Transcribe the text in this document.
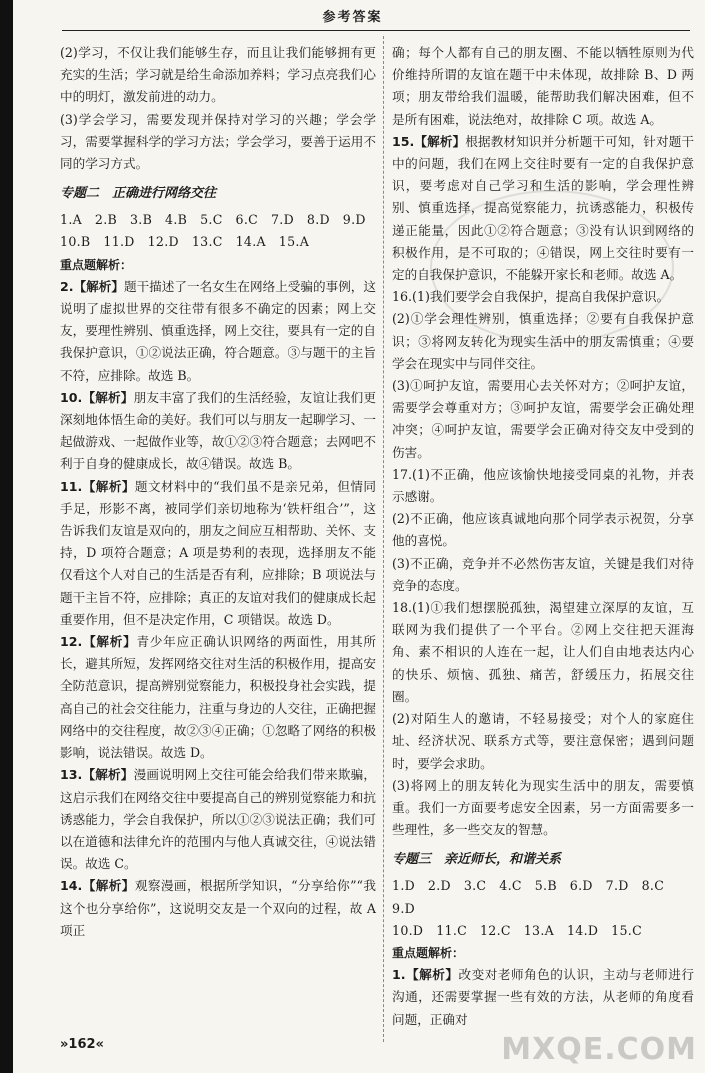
参考答案

(2)学习，不仅让我们能够生存，而且让我们能够拥有更充实的生活；学习就是给生命添加养料；学习点亮我们心中的明灯，激发前进的动力。

(3)学会学习，需要发现并保持对学习的兴趣；学会学习，需要掌握科学的学习方法；学会学习，要善于运用不同的学习方式。

专题二　正确进行网络交往

1.A　2.B　3.B　4.B　5.C　6.C　7.D　8.D　9.D

10.B　11.D　12.D　13.C　14.A　15.A

重点题解析：

2.【解析】题干描述了一名女生在网络上受骗的事例，这说明了虚拟世界的交往带有很多不确定的因素；网上交友，要理性辨别、慎重选择，网上交往，要具有一定的自我保护意识，①②说法正确，符合题意。③与题干的主旨不符，应排除。故选 B。

10.【解析】朋友丰富了我们的生活经验，友谊让我们更深刻地体悟生命的美好。我们可以与朋友一起聊学习、一起做游戏、一起做作业等，故①②③符合题意；去网吧不利于自身的健康成长，故④错误。故选 B。

11.【解析】题文材料中的“我们虽不是亲兄弟，但情同手足，形影不离，被同学们亲切地称为‘铁杆组合’”，这告诉我们友谊是双向的，朋友之间应互相帮助、关怀、支持，D 项符合题意；A 项是势利的表现，选择朋友不能仅看这个人对自己的生活是否有利，应排除；B 项说法与题干主旨不符，应排除；真正的友谊对我们的健康成长起重要作用，但不是决定作用，C 项错误。故选 D。

12.【解析】青少年应正确认识网络的两面性，用其所长，避其所短，发挥网络交往对生活的积极作用，提高安全防范意识，提高辨别觉察能力，积极投身社会实践，提高自己的社会交往能力，注重与身边的人交往，正确把握网络中的交往程度，故②③④正确；①忽略了网络的积极影响，说法错误。故选 D。

13.【解析】漫画说明网上交往可能会给我们带来欺骗，这启示我们在网络交往中要提高自己的辨别觉察能力和抗诱惑能力，学会自我保护，所以①②③说法正确；我们可以在道德和法律允许的范围内与他人真诚交往，④说法错误。故选 C。

14.【解析】观察漫画，根据所学知识，“分享给你”“我这个也分享给你”，这说明交友是一个双向的过程，故 A 项正

确；每个人都有自己的朋友圈、不能以牺牲原则为代价维持所谓的友谊在题干中未体现，故排除 B、D 两项；朋友带给我们温暖，能帮助我们解决困难，但不是所有困难，说法绝对，故排除 C 项。故选 A。

15.【解析】根据教材知识并分析题干可知，针对题干中的问题，我们在网上交往时要有一定的自我保护意识，要考虑对自己学习和生活的影响，学会理性辨别、慎重选择，提高觉察能力，抗诱惑能力，积极传递正能量，因此①②符合题意；③没有认识到网络的积极作用，是不可取的；④错误，网上交往时要有一定的自我保护意识，不能躲开家长和老师。故选 A。

16.(1)我们要学会自我保护，提高自我保护意识。

(2)①学会理性辨别，慎重选择；②要有自我保护意识；③将网友转化为现实生活中的朋友需慎重；④要学会在现实中与同伴交往。

(3)①呵护友谊，需要用心去关怀对方；②呵护友谊，需要学会尊重对方；③呵护友谊，需要学会正确处理冲突；④呵护友谊，需要学会正确对待交友中受到的伤害。

17.(1)不正确，他应该愉快地接受同桌的礼物，并表示感谢。

(2)不正确，他应该真诚地向那个同学表示祝贺，分享他的喜悦。

(3)不正确，竞争并不必然伤害友谊，关键是我们对待竞争的态度。

18.(1)①我们想摆脱孤独，渴望建立深厚的友谊，互联网为我们提供了一个平台。②网上交往把天涯海角、素不相识的人连在一起，让人们自由地表达内心的快乐、烦恼、孤独、痛苦，舒缓压力，拓展交往圈。

(2)对陌生人的邀请，不轻易接受；对个人的家庭住址、经济状况、联系方式等，要注意保密；遇到问题时，要学会求助。

(3)将网上的朋友转化为现实生活中的朋友，需要慎重。我们一方面要考虑安全因素，另一方面需要多一些理性，多一些交友的智慧。

专题三　亲近师长，和谐关系

1.D　2.D　3.C　4.C　5.B　6.D　7.D　8.C　9.D

10.D　11.C　12.C　13.A　14.D　15.C

重点题解析：

1.【解析】改变对老师角色的认识，主动与老师进行沟通，还需要掌握一些有效的方法，从老师的角度看问题，正确对

»162«	MXQE.COM
